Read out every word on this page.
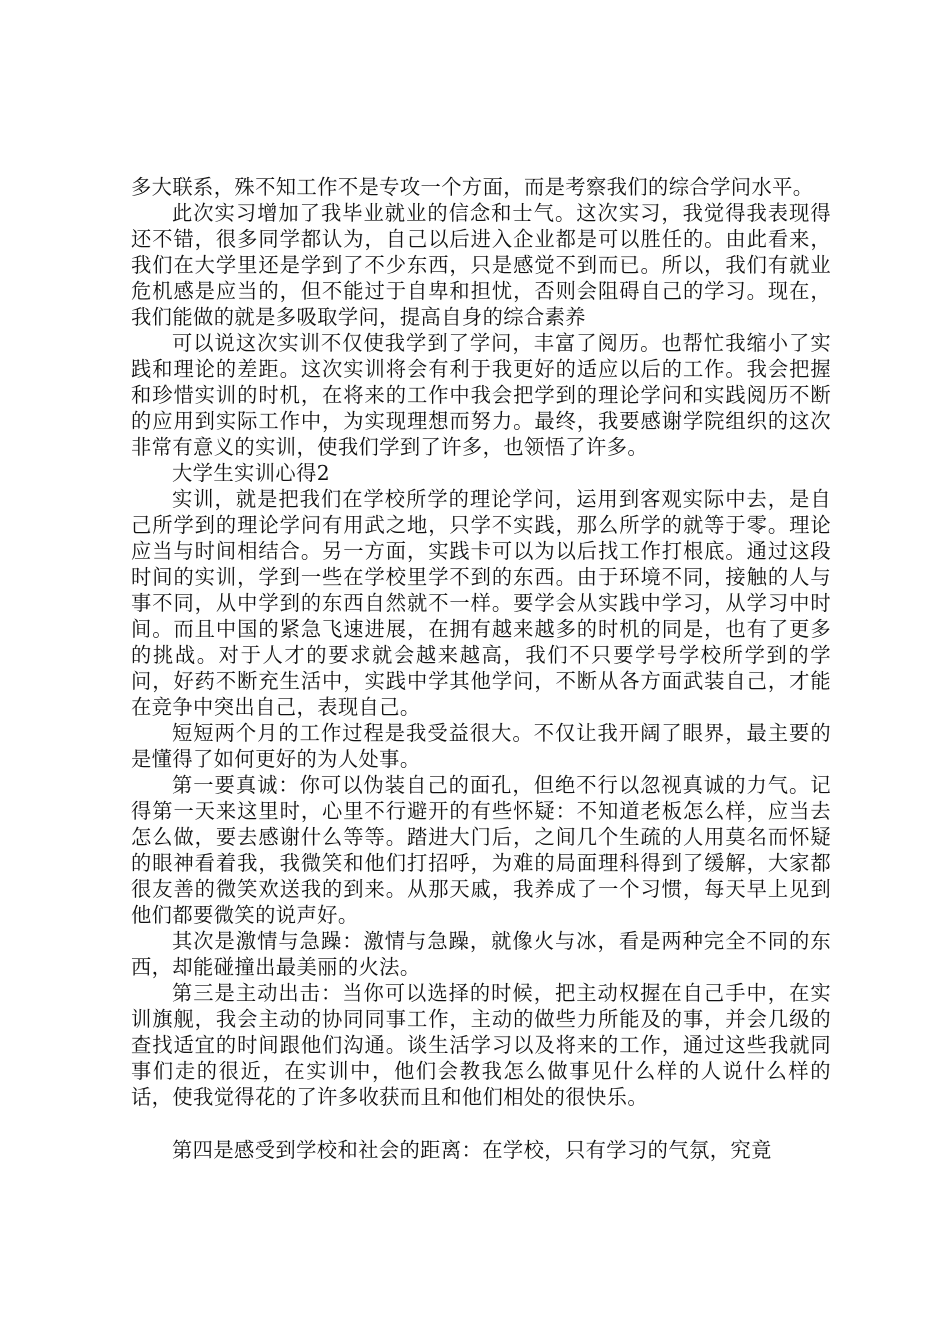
多大联系，殊不知工作不是专攻一个方面，而是考察我们的综合学问水平。

此次实习增加了我毕业就业的信念和士气。这次实习，我觉得我表现得还不错，很多同学都认为，自己以后进入企业都是可以胜任的。由此看来，我们在大学里还是学到了不少东西，只是感觉不到而已。所以，我们有就业危机感是应当的，但不能过于自卑和担忧，否则会阻碍自己的学习。现在，我们能做的就是多吸取学问，提高自身的综合素养

可以说这次实训不仅使我学到了学问，丰富了阅历。也帮忙我缩小了实践和理论的差距。这次实训将会有利于我更好的适应以后的工作。我会把握和珍惜实训的时机，在将来的工作中我会把学到的理论学问和实践阅历不断的应用到实际工作中，为实现理想而努力。最终，我要感谢学院组织的这次非常有意义的实训，使我们学到了许多，也领悟了许多。

大学生实训心得2

实训，就是把我们在学校所学的理论学问，运用到客观实际中去，是自己所学到的理论学问有用武之地，只学不实践，那么所学的就等于零。理论应当与时间相结合。另一方面，实践卡可以为以后找工作打根底。通过这段时间的实训，学到一些在学校里学不到的东西。由于环境不同，接触的人与事不同，从中学到的东西自然就不一样。要学会从实践中学习，从学习中时间。而且中国的紧急飞速进展，在拥有越来越多的时机的同是，也有了更多的挑战。对于人才的要求就会越来越高，我们不只要学号学校所学到的学问，好药不断充生活中，实践中学其他学问，不断从各方面武装自己，才能在竞争中突出自己，表现自己。

短短两个月的工作过程是我受益很大。不仅让我开阔了眼界，最主要的是懂得了如何更好的为人处事。

第一要真诚：你可以伪装自己的面孔，但绝不行以忽视真诚的力气。记得第一天来这里时，心里不行避开的有些怀疑：不知道老板怎么样，应当去怎么做，要去感谢什么等等。踏进大门后，之间几个生疏的人用莫名而怀疑的眼神看着我，我微笑和他们打招呼，为难的局面理科得到了缓解，大家都很友善的微笑欢送我的到来。从那天戚，我养成了一个习惯，每天早上见到他们都要微笑的说声好。

其次是激情与急躁：激情与急躁，就像火与冰，看是两种完全不同的东西，却能碰撞出最美丽的火法。

第三是主动出击：当你可以选择的时候，把主动权握在自己手中，在实训旗舰，我会主动的协同同事工作，主动的做些力所能及的事，并会几级的查找适宜的时间跟他们沟通。谈生活学习以及将来的工作，通过这些我就同事们走的很近，在实训中，他们会教我怎么做事见什么样的人说什么样的话，使我觉得花的了许多收获而且和他们相处的很快乐。

第四是感受到学校和社会的距离：在学校，只有学习的气氛，究竟
